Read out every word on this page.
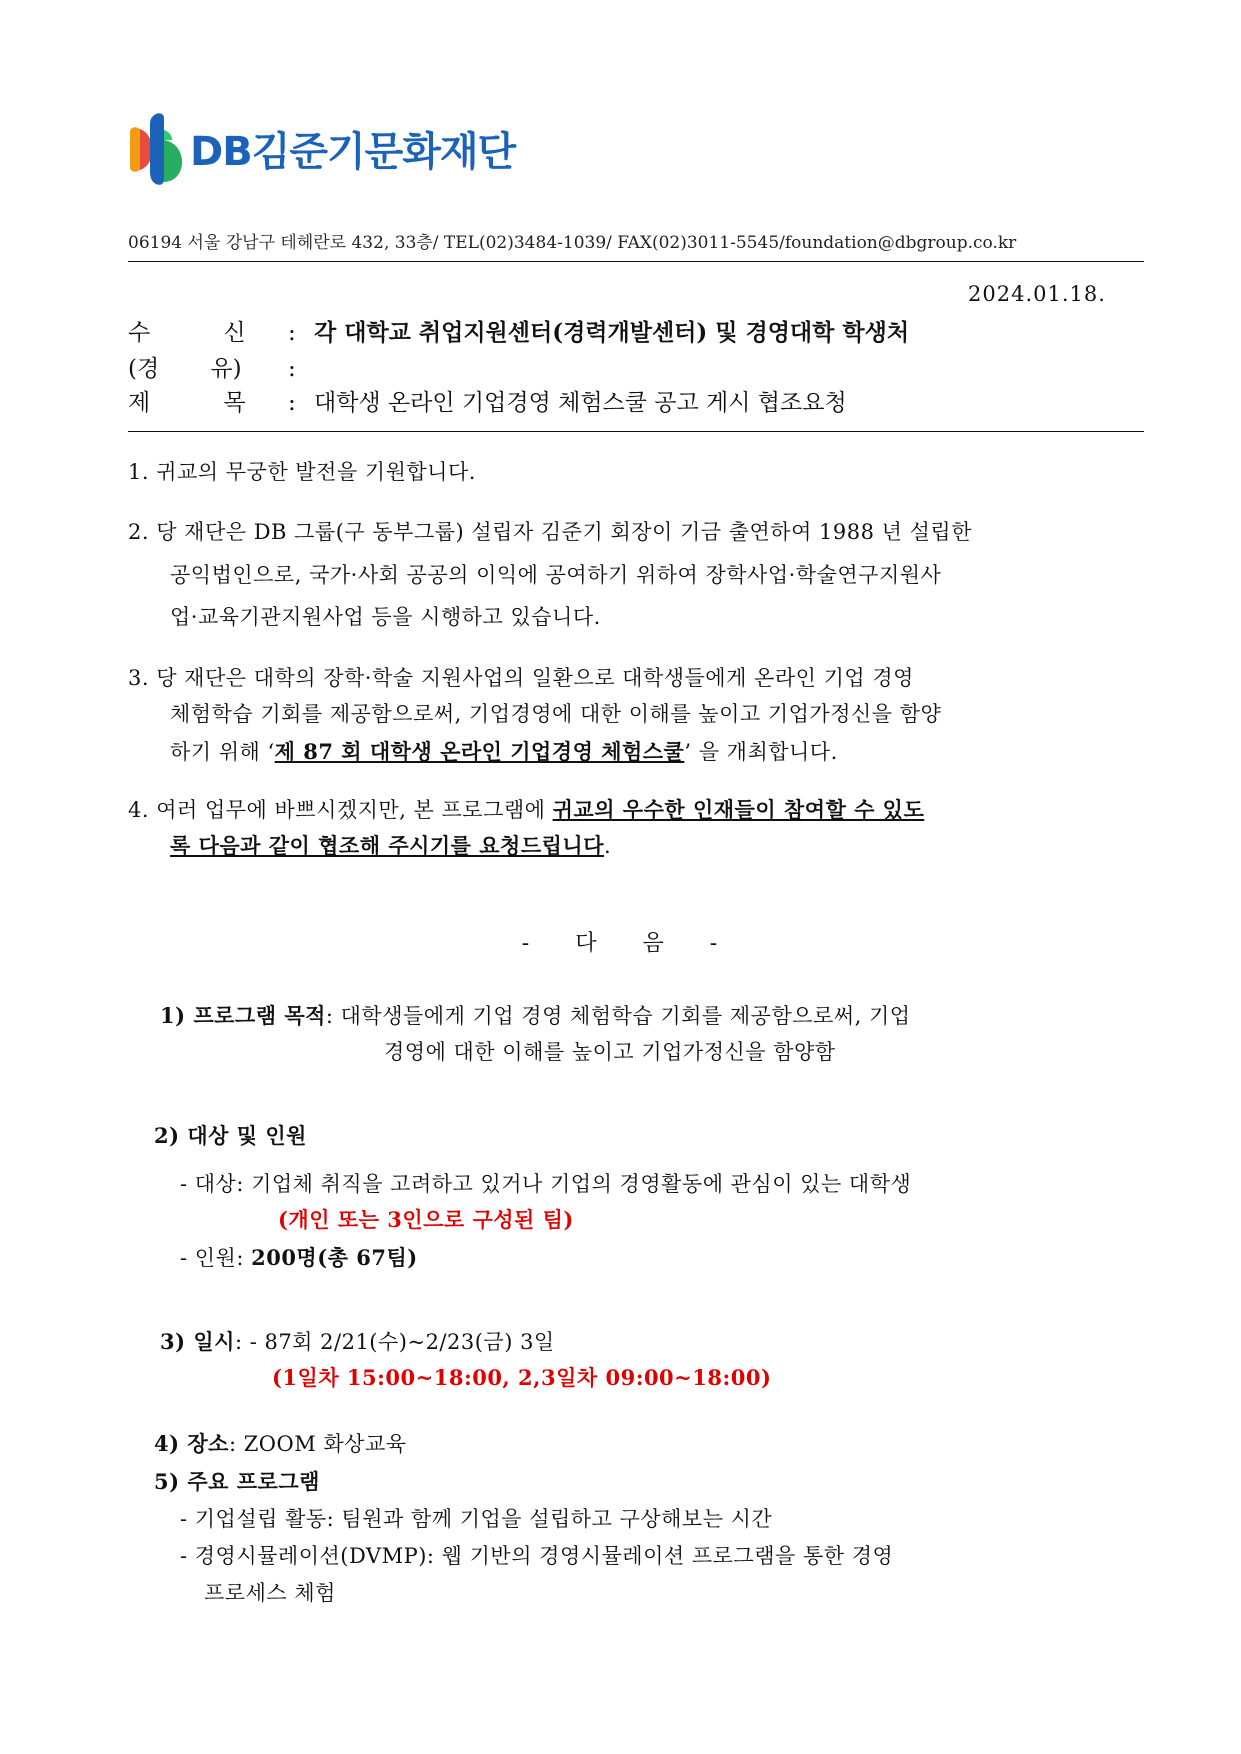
DB김준기문화재단
06194 서울 강남구 테헤란로 432, 33층/ TEL(02)3484-1039/ FAX(02)3011-5545/foundation@dbgroup.co.kr
2024.01.18.
수          신 : 각 대학교 취업지원센터(경력개발센터) 및 경영대학 학생처
(경       유) :
제          목 : 대학생 온라인 기업경영 체험스쿨 공고 게시 협조요청
1. 귀교의 무궁한 발전을 기원합니다.
2. 당 재단은 DB 그룹(구 동부그룹) 설립자 김준기 회장이 기금 출연하여 1988 년 설립한
공익법인으로, 국가·사회 공공의 이익에 공여하기 위하여 장학사업·학술연구지원사
업·교육기관지원사업 등을 시행하고 있습니다.
3. 당 재단은 대학의 장학·학술 지원사업의 일환으로 대학생들에게 온라인 기업 경영
체험학습 기회를 제공함으로써, 기업경영에 대한 이해를 높이고 기업가정신을 함양
하기 위해 ‘제 87 회 대학생 온라인 기업경영 체험스쿨’ 을 개최합니다.
4. 여러 업무에 바쁘시겠지만, 본 프로그램에 귀교의 우수한 인재들이 참여할 수 있도
록 다음과 같이 협조해 주시기를 요청드립니다.
- 다 음 -
1) 프로그램 목적: 대학생들에게 기업 경영 체험학습 기회를 제공함으로써, 기업
경영에 대한 이해를 높이고 기업가정신을 함양함
2) 대상 및 인원
- 대상: 기업체 취직을 고려하고 있거나 기업의 경영활동에 관심이 있는 대학생
(개인 또는 3인으로 구성된 팀)
- 인원: 200명(총 67팀)
3) 일시: - 87회 2/21(수)~2/23(금) 3일
(1일차 15:00~18:00, 2,3일차 09:00~18:00)
4) 장소: ZOOM 화상교육
5) 주요 프로그램
- 기업설립 활동: 팀원과 함께 기업을 설립하고 구상해보는 시간
- 경영시뮬레이션(DVMP): 웹 기반의 경영시뮬레이션 프로그램을 통한 경영
프로세스 체험
